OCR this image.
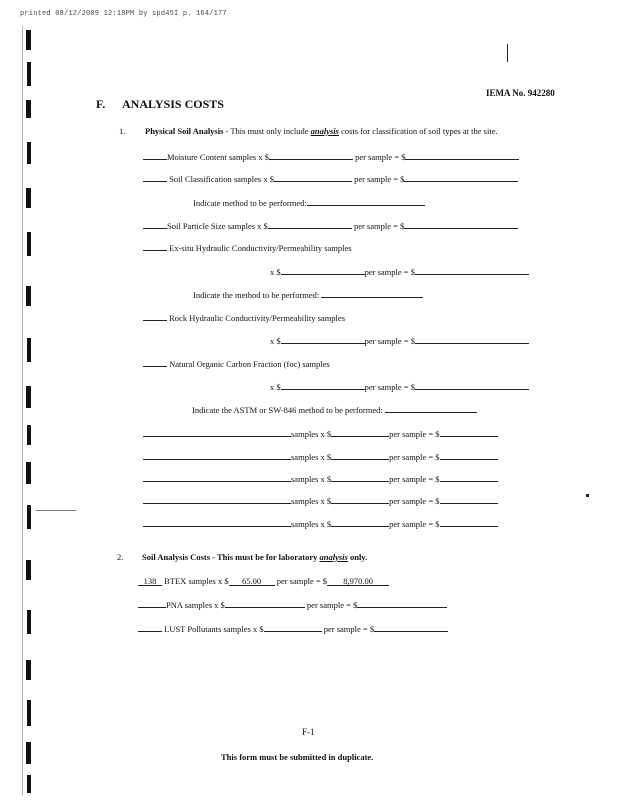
printed 08/12/2009 12:18PM by spd45I p. 164/177
IEMA No. 942280
F. ANALYSIS COSTS
1. Physical Soil Analysis - This must only include analysis costs for classification of soil types at the site.
Moisture Content samples x $	per sample = $
Soil Classification samples x $	per sample = $
Indicate method to be performed:
Soil Particle Size samples x $	per sample = $
Ex-situ Hydraulic Conductivity/Permeability samples
x $	per sample = $
Indicate the method to be performed:
Rock Hydraulic Conductivity/Permeability samples
x $	per sample = $
Natural Organic Carbon Fraction (foc) samples
x $	per sample = $
Indicate the ASTM or SW-846 method to be performed:
samples x $	per sample = $
samples x $	per sample = $
samples x $	per sample = $
samples x $	per sample = $
samples x $	per sample = $
2. Soil Analysis Costs - This must be for laboratory analysis only.
138 BTEX samples x $ 65.00 per sample = $ 8,970.00
PNA samples x $	per sample = $
LUST Pollutants samples x $	per sample = $
F-1
This form must be submitted in duplicate.
